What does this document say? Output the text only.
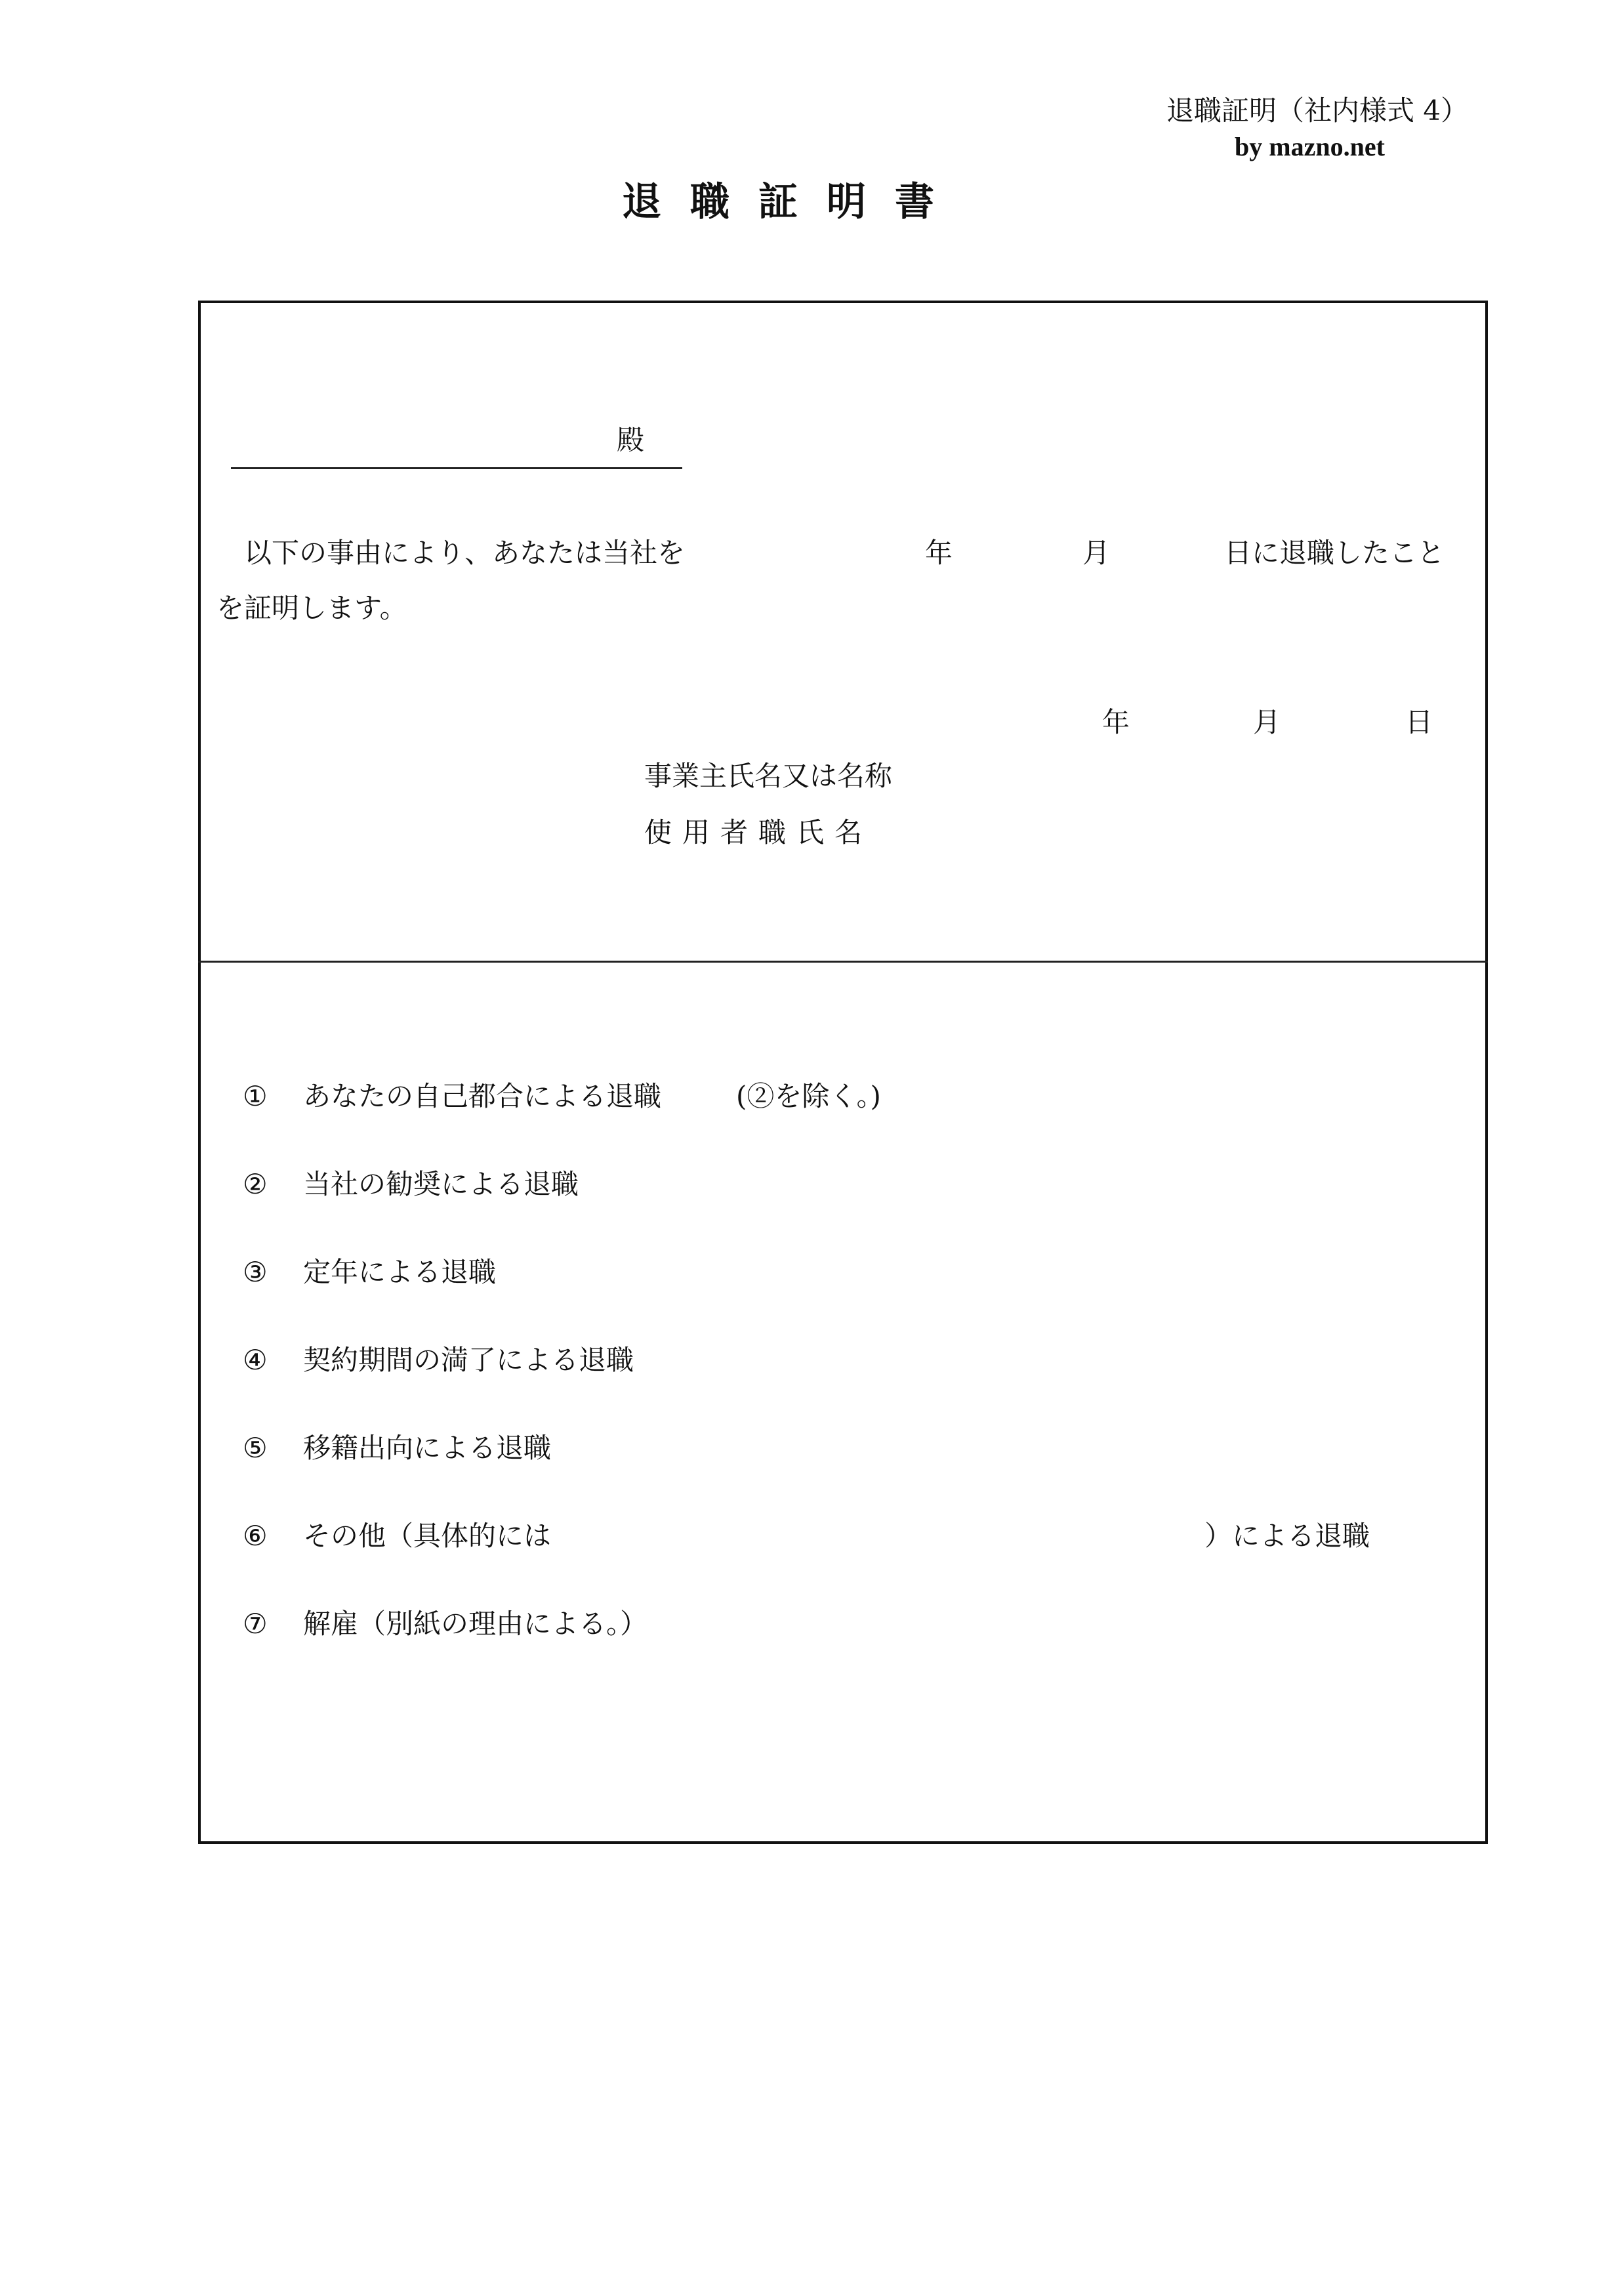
退職証明（社内様式 4）
by mazno.net
退職証明書
殿
以下の事由により、あなたは当社を	年	月	日に退職したこと
を証明します。
年	月	日
事業主氏名又は名称
使用者職氏名
① あなたの自己都合による退職	(②を除く。)
② 当社の勧奨による退職
③ 定年による退職
④ 契約期間の満了による退職
⑤ 移籍出向による退職
⑥ その他（具体的には	）による退職
⑦ 解雇（別紙の理由による。）
